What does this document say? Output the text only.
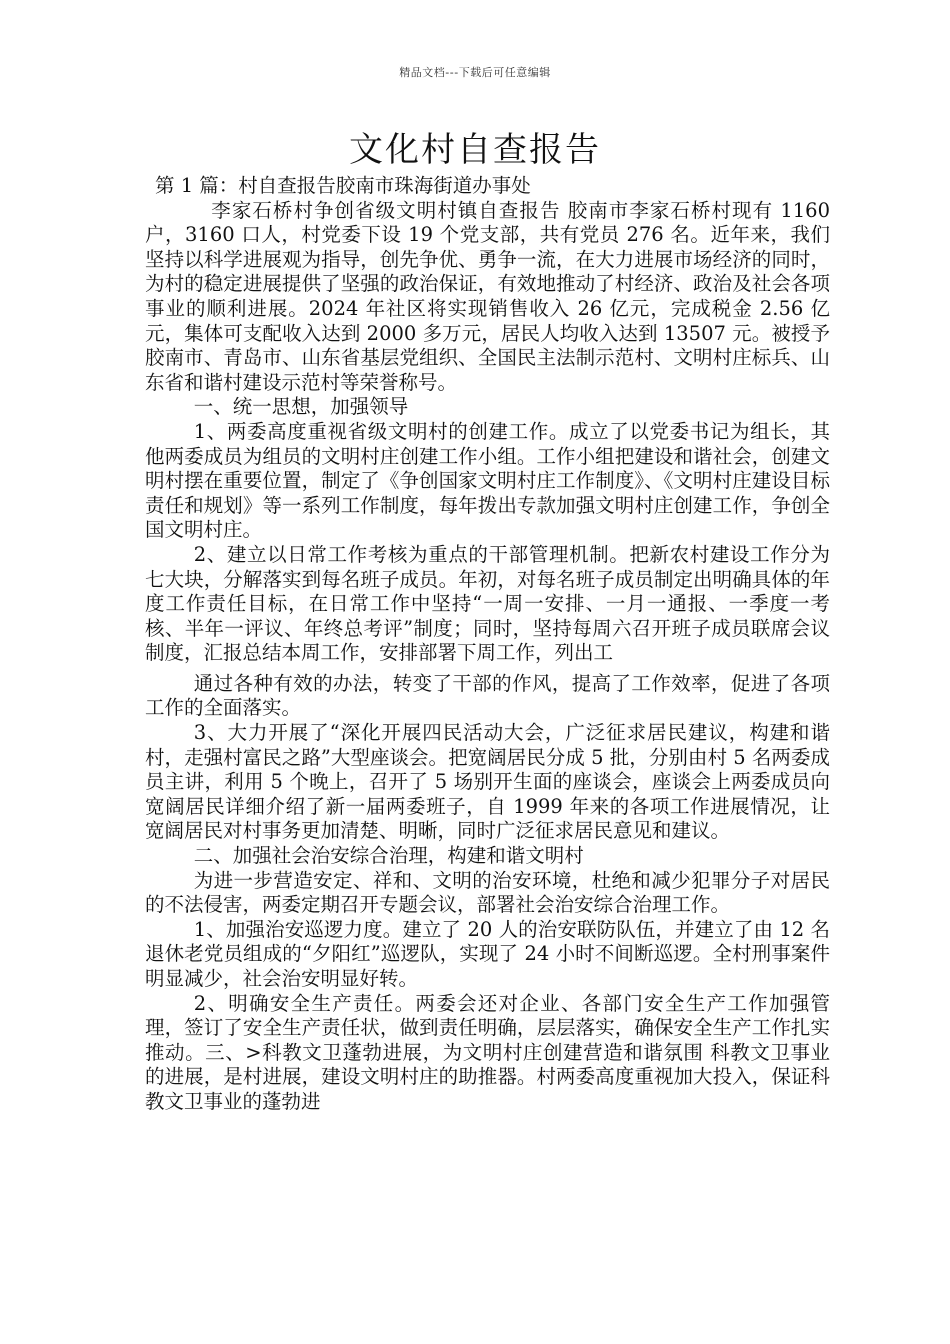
精品文档---下载后可任意编辑
文化村自查报告

第 1 篇：村自查报告胶南市珠海街道办事处

李家石桥村争创省级文明村镇自查报告 胶南市李家石桥村现有 1160 户，3160 口人，村党委下设 19 个党支部，共有党员 276 名。近年来，我们坚持以科学进展观为指导，创先争优、勇争一流，在大力进展市场经济的同时，为村的稳定进展提供了坚强的政治保证，有效地推动了村经济、政治及社会各项事业的顺利进展。2024 年社区将实现销售收入 26 亿元，完成税金 2.56 亿元，集体可支配收入达到 2000 多万元，居民人均收入达到 13507 元。被授予胶南市、青岛市、山东省基层党组织、全国民主法制示范村、文明村庄标兵、山东省和谐村建设示范村等荣誉称号。

一、统一思想，加强领导

1、两委高度重视省级文明村的创建工作。成立了以党委书记为组长，其他两委成员为组员的文明村庄创建工作小组。工作小组把建设和谐社会，创建文明村摆在重要位置，制定了《争创国家文明村庄工作制度》、《文明村庄建设目标责任和规划》等一系列工作制度，每年拨出专款加强文明村庄创建工作，争创全国文明村庄。

2、建立以日常工作考核为重点的干部管理机制。把新农村建设工作分为七大块，分解落实到每名班子成员。年初，对每名班子成员制定出明确具体的年度工作责任目标，在日常工作中坚持“一周一安排、一月一通报、一季度一考核、半年一评议、年终总考评”制度；同时，坚持每周六召开班子成员联席会议制度，汇报总结本周工作，安排部署下周工作，列出工

通过各种有效的办法，转变了干部的作风，提高了工作效率，促进了各项工作的全面落实。

3、大力开展了“深化开展四民活动大会，广泛征求居民建议，构建和谐村，走强村富民之路”大型座谈会。把宽阔居民分成 5 批，分别由村 5 名两委成员主讲，利用 5 个晚上，召开了 5 场别开生面的座谈会，座谈会上两委成员向宽阔居民详细介绍了新一届两委班子，自 1999 年来的各项工作进展情况，让宽阔居民对村事务更加清楚、明晰，同时广泛征求居民意见和建议。

二、加强社会治安综合治理，构建和谐文明村

为进一步营造安定、祥和、文明的治安环境，杜绝和减少犯罪分子对居民的不法侵害，两委定期召开专题会议，部署社会治安综合治理工作。

1、加强治安巡逻力度。建立了 20 人的治安联防队伍，并建立了由 12 名退休老党员组成的“夕阳红”巡逻队，实现了 24 小时不间断巡逻。全村刑事案件明显减少，社会治安明显好转。

2、明确安全生产责任。两委会还对企业、各部门安全生产工作加强管理，签订了安全生产责任状，做到责任明确，层层落实，确保安全生产工作扎实推动。三、>科教文卫蓬勃进展，为文明村庄创建营造和谐氛围 科教文卫事业的进展，是村进展，建设文明村庄的助推器。村两委高度重视加大投入，保证科教文卫事业的蓬勃进
